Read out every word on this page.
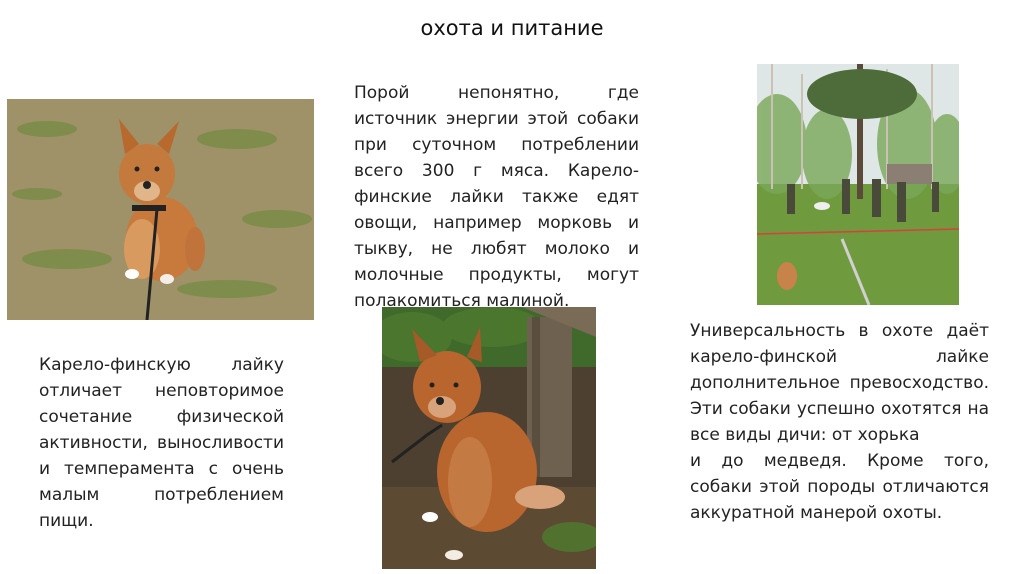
охота и питание
Порой непонятно, где
источник энергии этой собаки
при суточном потреблении
всего 300 г мяса. Карело-
финские лайки также едят
овощи, например морковь и
тыкву, не любят молоко и
молочные продукты, могут
полакомиться малиной.
Карело-финскую лайку
отличает неповторимое
сочетание физической
активности, выносливости
и темперамента с очень
малым потреблением
пищи.
Универсальность в охоте даёт
карело-финской лайке
дополнительное превосходство.
Эти собаки успешно охотятся на
все виды дичи: от хорька
и до медведя. Кроме того,
собаки этой породы отличаются
аккуратной манерой охоты.
